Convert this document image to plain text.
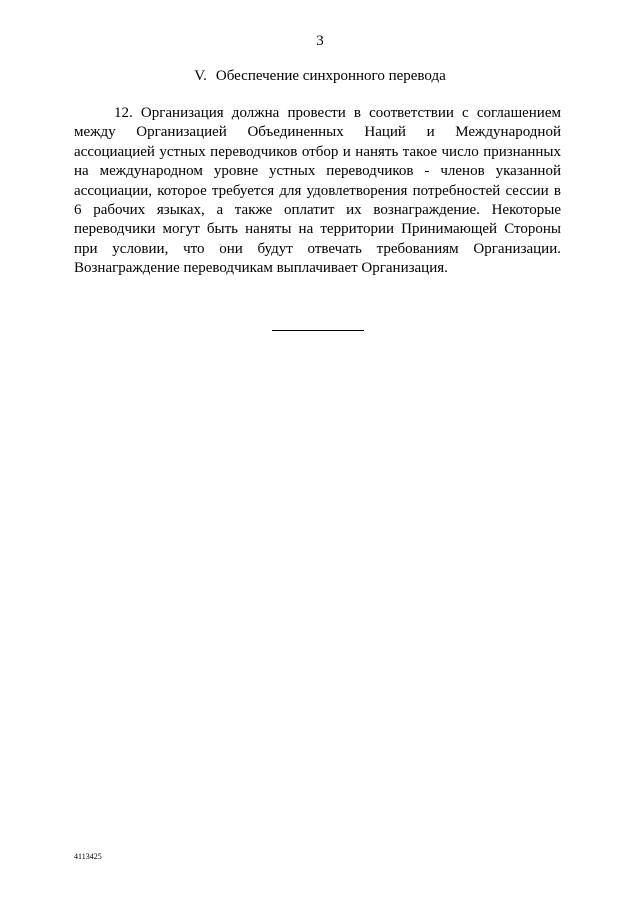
3
V. Обеспечение синхронного перевода

12. Организация должна провести в соответствии с соглашением между Организацией Объединенных Наций и Международной ассоциацией устных переводчиков отбор и нанять такое число признанных на международном уровне устных переводчиков - членов указанной ассоциации, которое требуется для удовлетворения потребностей сессии в 6 рабочих языках, а также оплатит их вознаграждение. Некоторые переводчики могут быть наняты на территории Принимающей Стороны при условии, что они будут отвечать требованиям Организации. Вознаграждение переводчикам выплачивает Организация.

4113425
